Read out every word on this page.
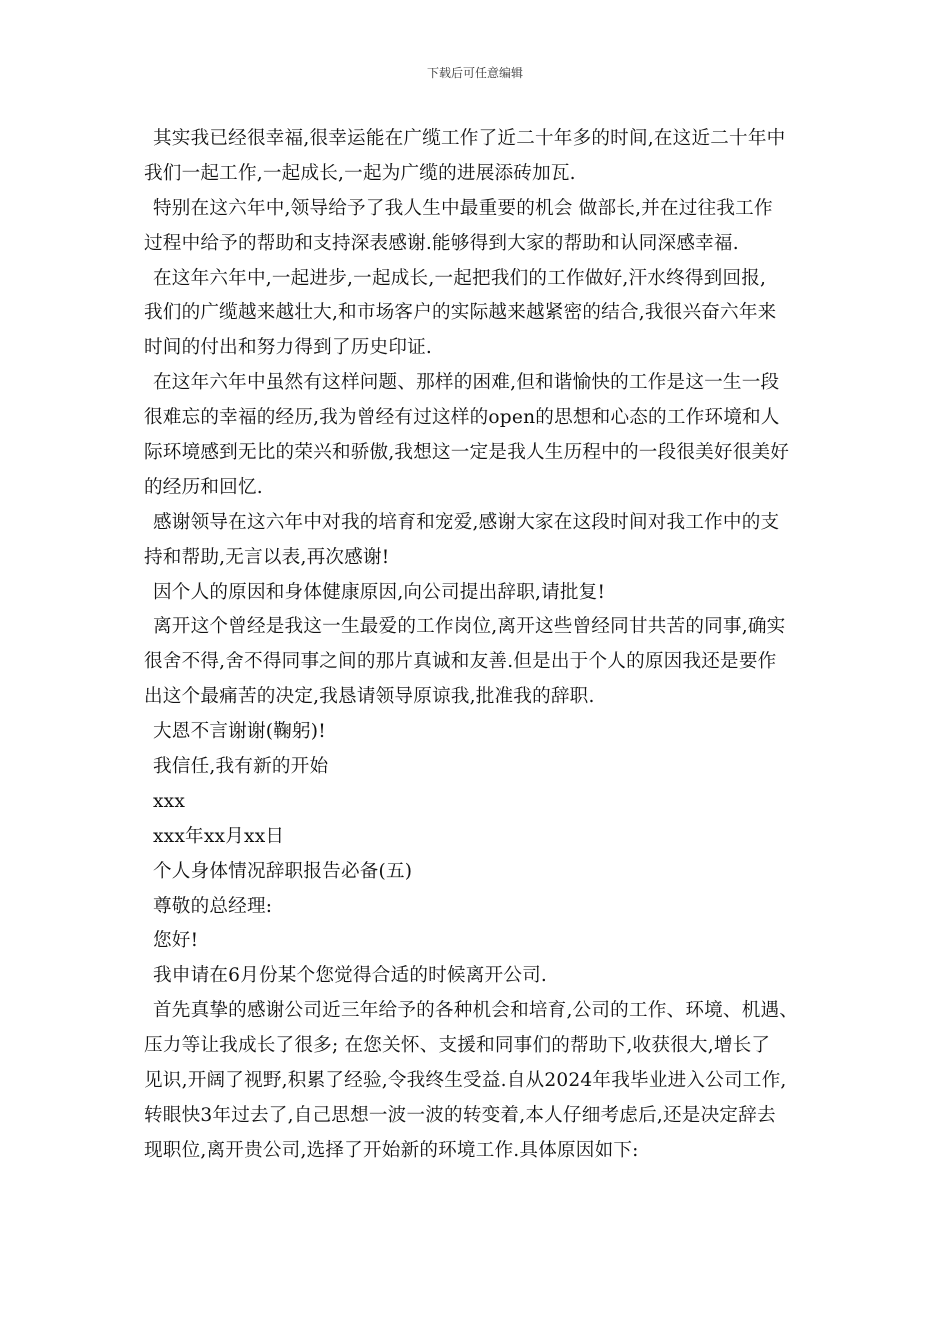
下载后可任意编辑
其实我已经很幸福,很幸运能在广缆工作了近二十年多的时间,在这近二十年中
我们一起工作,一起成长,一起为广缆的进展添砖加瓦.
特别在这六年中,领导给予了我人生中最重要的机会 做部长,并在过往我工作
过程中给予的帮助和支持深表感谢.能够得到大家的帮助和认同深感幸福.
在这年六年中,一起进步,一起成长,一起把我们的工作做好,汗水终得到回报,
我们的广缆越来越壮大,和市场客户的实际越来越紧密的结合,我很兴奋六年来
时间的付出和努力得到了历史印证.
在这年六年中虽然有这样问题、那样的困难,但和谐愉快的工作是这一生一段
很难忘的幸福的经历,我为曾经有过这样的open的思想和心态的工作环境和人
际环境感到无比的荣兴和骄傲,我想这一定是我人生历程中的一段很美好很美好
的经历和回忆.
感谢领导在这六年中对我的培育和宠爱,感谢大家在这段时间对我工作中的支
持和帮助,无言以表,再次感谢!
因个人的原因和身体健康原因,向公司提出辞职,请批复!
离开这个曾经是我这一生最爱的工作岗位,离开这些曾经同甘共苦的同事,确实
很舍不得,舍不得同事之间的那片真诚和友善.但是出于个人的原因我还是要作
出这个最痛苦的决定,我恳请领导原谅我,批准我的辞职.
大恩不言谢谢(鞠躬)!
我信任,我有新的开始
xxx
xxx年xx月xx日
个人身体情况辞职报告必备(五)
尊敬的总经理:
您好!
我申请在6月份某个您觉得合适的时候离开公司.
首先真挚的感谢公司近三年给予的各种机会和培育,公司的工作、环境、机遇、
压力等让我成长了很多; 在您关怀、支援和同事们的帮助下,收获很大,增长了
见识,开阔了视野,积累了经验,令我终生受益.自从2024年我毕业进入公司工作,
转眼快3年过去了,自己思想一波一波的转变着,本人仔细考虑后,还是决定辞去
现职位,离开贵公司,选择了开始新的环境工作.具体原因如下:
